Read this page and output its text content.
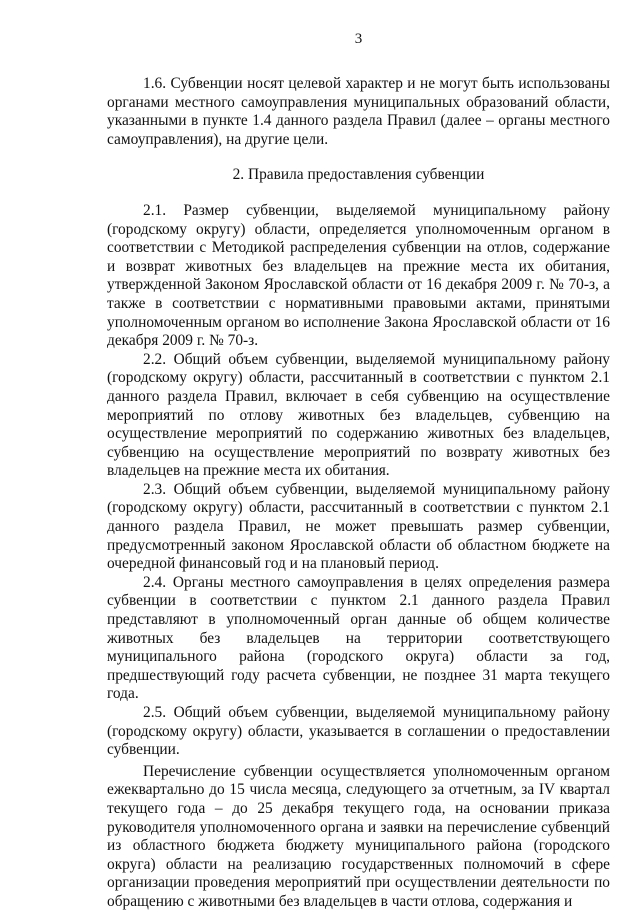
3

1.6. Субвенции носят целевой характер и не могут быть использованы органами местного самоуправления муниципальных образований области, указанными в пункте 1.4 данного раздела Правил (далее – органы местного самоуправления), на другие цели.

2. Правила предоставления субвенции

2.1. Размер субвенции, выделяемой муниципальному району (городскому округу) области, определяется уполномоченным органом в соответствии с Методикой распределения субвенции на отлов, содержание и возврат животных без владельцев на прежние места их обитания, утвержденной Законом Ярославской области от 16 декабря 2009 г. № 70-з, а также в соответствии с нормативными правовыми актами, принятыми уполномоченным органом во исполнение Закона Ярославской области от 16 декабря 2009 г. № 70-з.

2.2. Общий объем субвенции, выделяемой муниципальному району (городскому округу) области, рассчитанный в соответствии с пунктом 2.1 данного раздела Правил, включает в себя субвенцию на осуществление мероприятий по отлову животных без владельцев, субвенцию на осуществление мероприятий по содержанию животных без владельцев, субвенцию на осуществление мероприятий по возврату животных без владельцев на прежние места их обитания.

2.3. Общий объем субвенции, выделяемой муниципальному району (городскому округу) области, рассчитанный в соответствии с пунктом 2.1 данного раздела Правил, не может превышать размер субвенции, предусмотренный законом Ярославской области об областном бюджете на очередной финансовый год и на плановый период.

2.4. Органы местного самоуправления в целях определения размера субвенции в соответствии с пунктом 2.1 данного раздела Правил представляют в уполномоченный орган данные об общем количестве животных без владельцев на территории соответствующего муниципального района (городского округа) области за год, предшествующий году расчета субвенции, не позднее 31 марта текущего года.

2.5. Общий объем субвенции, выделяемой муниципальному району (городскому округу) области, указывается в соглашении о предоставлении субвенции.

Перечисление субвенции осуществляется уполномоченным органом ежеквартально до 15 числа месяца, следующего за отчетным, за IV квартал текущего года – до 25 декабря текущего года, на основании приказа руководителя уполномоченного органа и заявки на перечисление субвенций из областного бюджета бюджету муниципального района (городского округа) области на реализацию государственных полномочий в сфере организации проведения мероприятий при осуществлении деятельности по обращению с животными без владельцев в части отлова, содержания и
